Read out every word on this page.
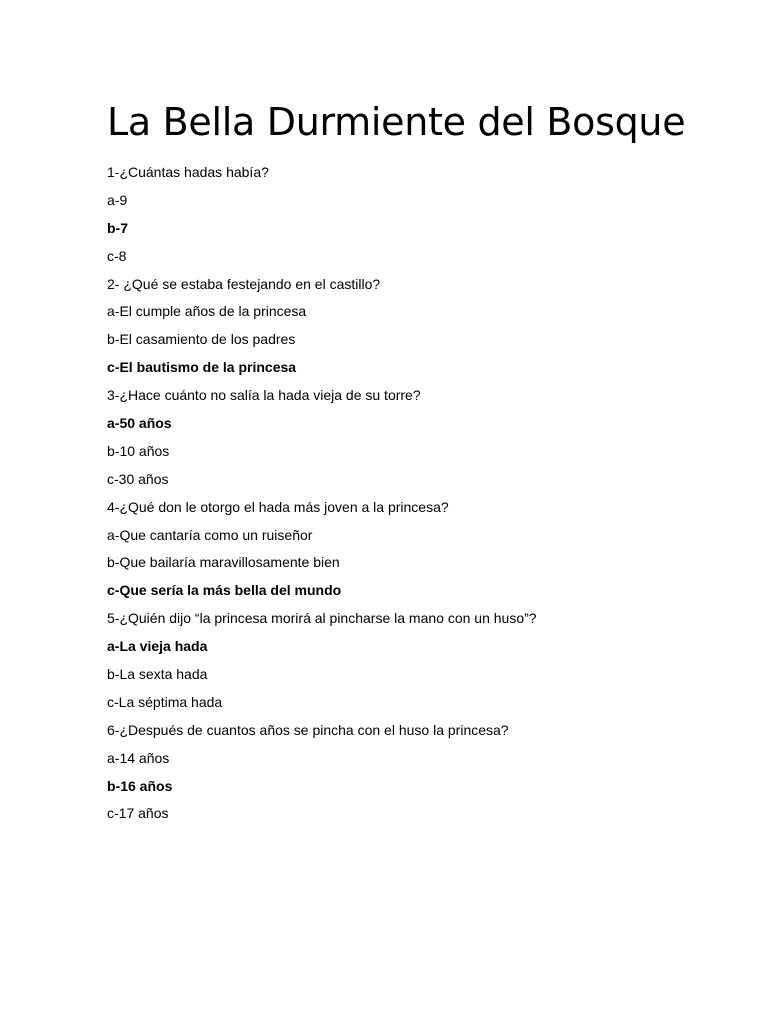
La Bella Durmiente del Bosque
1-¿Cuántas hadas había?
a-9
b-7
c-8
2- ¿Qué se estaba festejando en el castillo?
a-El cumple años de la princesa
b-El casamiento de los padres
c-El bautismo de la princesa
3-¿Hace cuánto no salía la hada vieja de su torre?
a-50 años
b-10 años
c-30 años
4-¿Qué don le otorgo el hada más joven a la princesa?
a-Que cantaría como un ruiseñor
b-Que bailaría maravillosamente bien
c-Que sería la más bella del mundo
5-¿Quién dijo “la princesa morirá al pincharse la mano con un huso”?
a-La vieja hada
b-La sexta hada
c-La séptima hada
6-¿Después de cuantos años se pincha con el huso la princesa?
a-14 años
b-16 años
c-17 años
